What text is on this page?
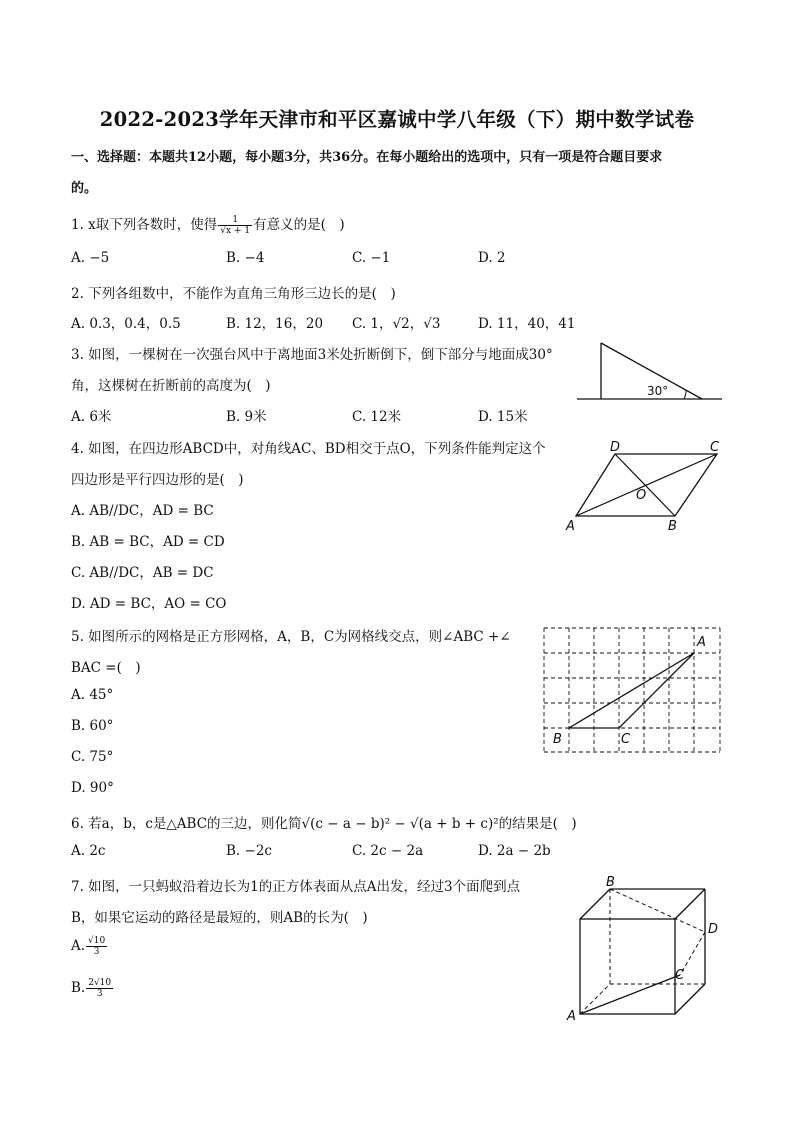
2022-2023学年天津市和平区嘉诚中学八年级（下）期中数学试卷
一、选择题：本题共12小题，每小题3分，共36分。在每小题给出的选项中，只有一项是符合题目要求
的。
1. x取下列各数时，使得 $\frac{1}{√x + 1}$ 有意义的是(　)
A. −5	B. −4	C. −1	D. 2
2. 下列各组数中，不能作为直角三角形三边长的是(　)
A. 0.3，0.4，0.5	B. 12，16，20 C. 1，√2，√3	D. 11，40，41
3. 如图，一棵树在一次强台风中于离地面3米处折断倒下，倒下部分与地面成30°
角，这棵树在折断前的高度为(　)
A. 6米	B. 9米	C. 12米	D. 15米
30°
4. 如图，在四边形ABCD中，对角线AC、BD相交于点O，下列条件能判定这个
四边形是平行四边形的是(　)
A. AB//DC，AD = BC
B. AB = BC，AD = CD
C. AB//DC，AB = DC
D. AD = BC，AO = CO
A	B
C
D
O
5. 如图所示的网格是正方形网格，A，B，C为网格线交点，则∠ABC +∠
BAC =(　)
A. 45°
B. 60°
C. 75°
D. 90°
A
B	C
6. 若a，b，c是△ABC的三边，则化简√(c − a − b)² − √(a + b + c)²的结果是(　)
A. 2c	B. −2c	C. 2c − 2a	D. 2a − 2b
7. 如图，一只蚂蚁沿着边长为1的正方体表面从点A出发，经过3个面爬到点
B，如果它运动的路径是最短的，则AB的长为(　)
A. $\frac{√10}{3}$
B. $\frac{2√10}{3}$
A
B
C
D
